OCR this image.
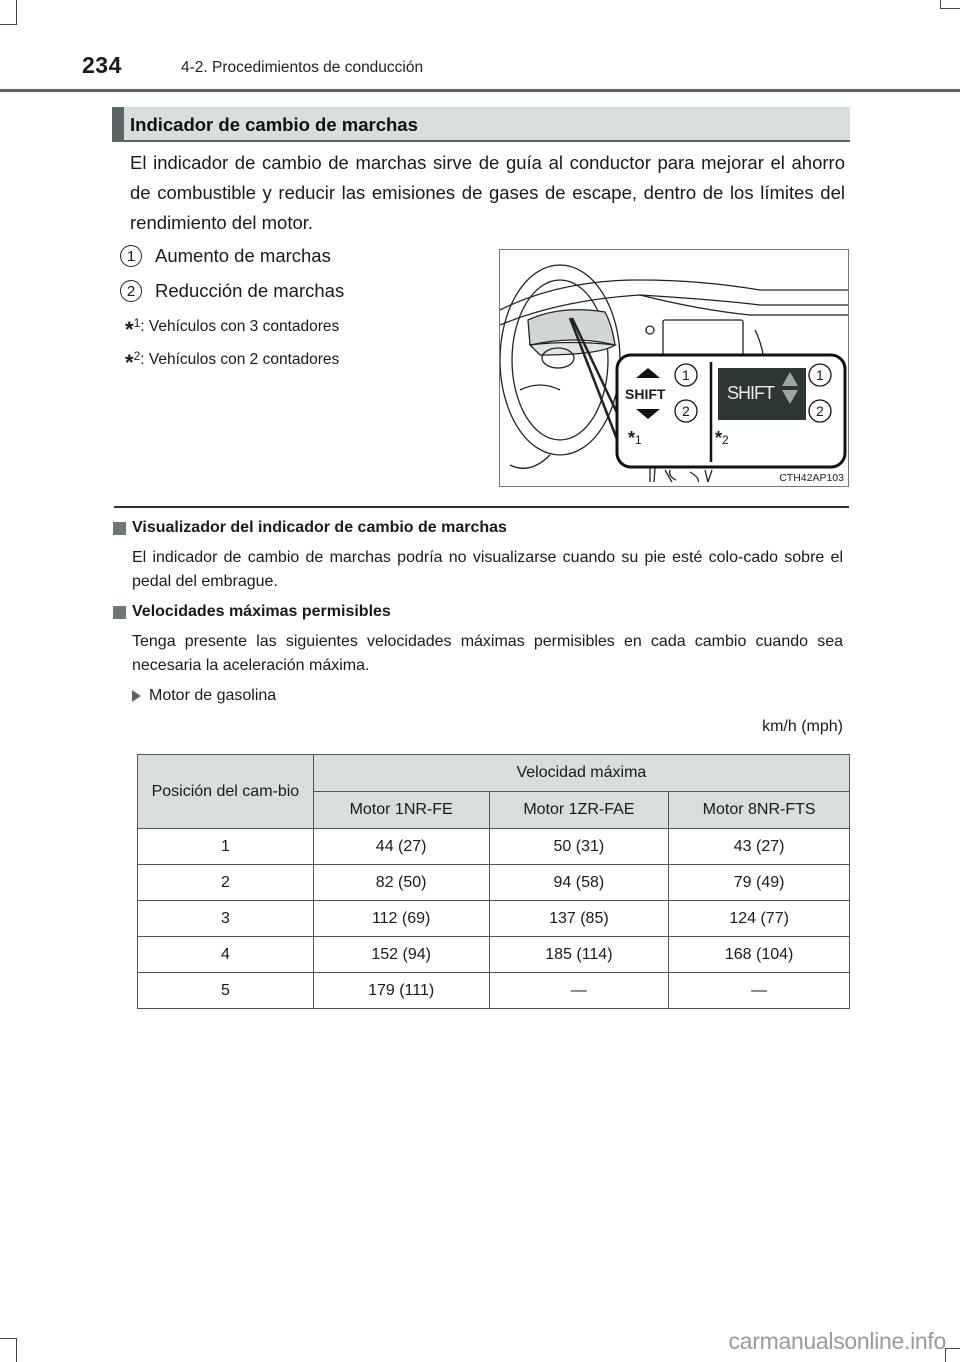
234	4-2. Procedimientos de conducción
Indicador de cambio de marchas
El indicador de cambio de marchas sirve de guía al conductor para mejorar el ahorro de combustible y reducir las emisiones de gases de escape, dentro de los límites del rendimiento del motor.
1	Aumento de marchas
2	Reducción de marchas
*$^1$: Vehículos con 3 contadores
*$^2$: Vehículos con 2 contadores
SHIFT	SHIFT
1
2
1
2
*1	*2
CTH42AP103
Visualizador del indicador de cambio de marchas
El indicador de cambio de marchas podría no visualizarse cuando su pie esté colo-cado sobre el pedal del embrague.
Velocidades máximas permisibles
Tenga presente las siguientes velocidades máximas permisibles en cada cambio cuando sea necesaria la aceleración máxima.
Motor de gasolina
km/h (mph)
Posición del cam-bio	Velocidad máxima		
	Motor 1NR-FE	Motor 1ZR-FAE	Motor 8NR-FTS
1	44 (27)	50 (31)	43 (27)
2	82 (50)	94 (58)	79 (49)
3	112 (69)	137 (85)	124 (77)
4	152 (94)	185 (114)	168 (104)
5	179 (111)	—	—
carmanualsonline.info
